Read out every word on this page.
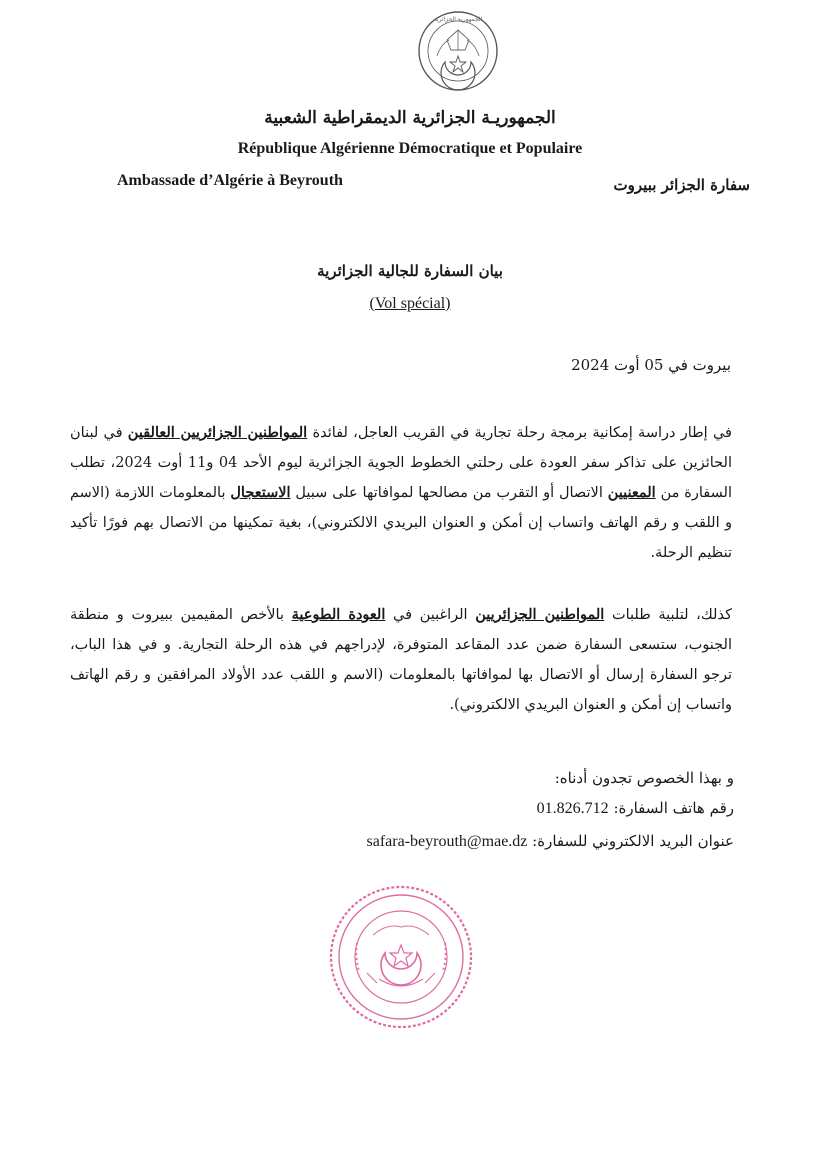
الجمهورية الجزائرية
الجمهوريـة الجزائرية الديمقراطية الشعبية
République Algérienne Démocratique et Populaire
Ambassade d’Algérie à Beyrouth	سفارة الجزائر ببيروت
بيان السفارة للجالية الجزائرية
(Vol spécial)
بيروت في 05 أوت 2024
في إطار دراسة إمكانية برمجة رحلة تجارية في القريب العاجل، لفائدة المواطنين الجزائريين العالقين في لبنان الحائزين على تذاكر سفر العودة على رحلتي الخطوط الجوية الجزائرية ليوم الأحد 04 و11 أوت 2024، تطلب السفارة من المعنيين الاتصال أو التقرب من مصالحها لموافاتها على سبيل الاستعجال بالمعلومات اللازمة (الاسم و اللقب و رقم الهاتف واتساب إن أمكن و العنوان البريدي الالكتروني)، بغية تمكينها من الاتصال بهم فورًا تأكيد تنظيم الرحلة.
كذلك، لتلبية طلبات المواطنين الجزائريين الراغبين في العودة الطوعية بالأخص المقيمين ببيروت و منطقة الجنوب، ستسعى السفارة ضمن عدد المقاعد المتوفرة، لإدراجهم في هذه الرحلة التجارية. و في هذا الباب، ترجو السفارة إرسال أو الاتصال بها لموافاتها بالمعلومات (الاسم و اللقب عدد الأولاد المرافقين و رقم الهاتف واتساب إن أمكن و العنوان البريدي الالكتروني).
و بهذا الخصوص تجدون أدناه:
رقم هاتف السفارة: 01.826.712
عنوان البريد الالكتروني للسفارة: safara-beyrouth@mae.dz
